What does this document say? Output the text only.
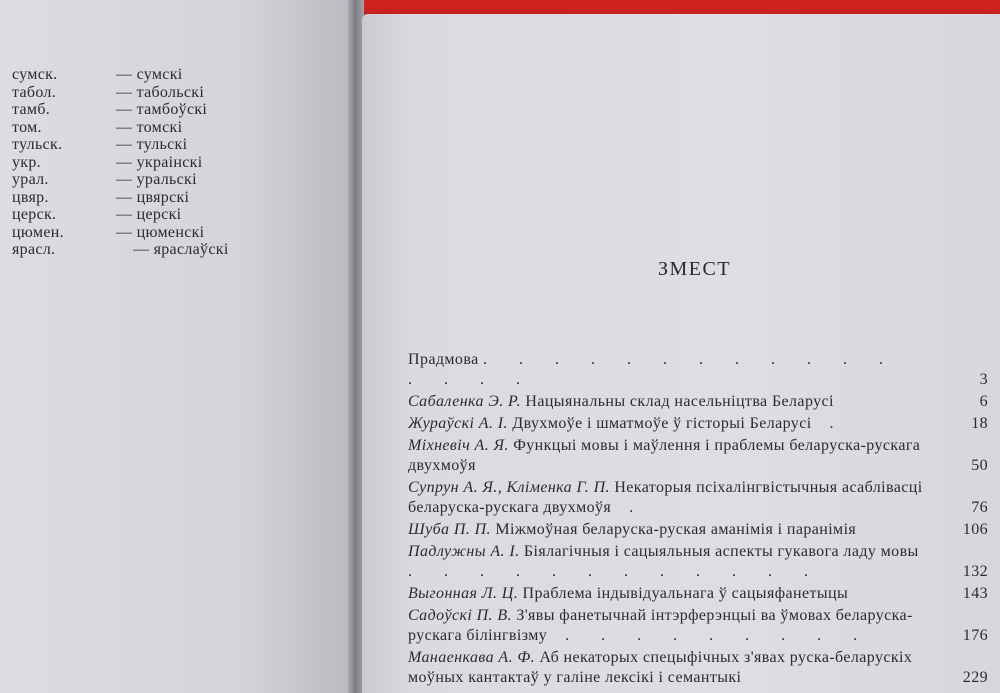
сумск.	— сумскі
табол.	— табольскі
тамб.	— тамбоўскі
том.	— томскі
тульск.	— тульскі
укр.	— украінскі
урал.	— уральскі
цвяр.	— цвярскі
церск.	— церскі
цюмен.	— цюменскі
ярасл.	— яраслаўскі
ЗМЕСТ
Прадмова . . . . . . . . . . . . . . . .	3
Сабаленка Э. Р. Нацыянальны склад насельніцтва Беларусі	6
Жураўскі А. І. Двухмоўе і шматмоўе ў гісторыі Беларусі .	18
Міхневіч А. Я. Функцыі мовы і маўлення і праблемы беларуска-рускага двухмоўя	50
Супрун А. Я., Кліменка Г. П. Некаторыя псіхалінгвістычныя асаблівасці беларуска-рускага двухмоўя .	76
Шуба П. П. Міжмоўная беларуска-руская аманімія і паранімія	106
Падлужны А. І. Біялагічныя і сацыяльныя аспекты гукавога ладу мовы . . . . . . . . . . . .	132
Выгонная Л. Ц. Праблема індывідуальнага ў сацыяфанетыцы	143
Садоўскі П. В. З'явы фанетычнай інтэрферэнцыі ва ўмовах беларуска-рускага білінгвізму . . . . . . . . .	176
Манаенкава А. Ф. Аб некаторых спецыфічных з'явах руска-беларускіх моўных кантактаў у галіне лексікі і семантыкі	229
